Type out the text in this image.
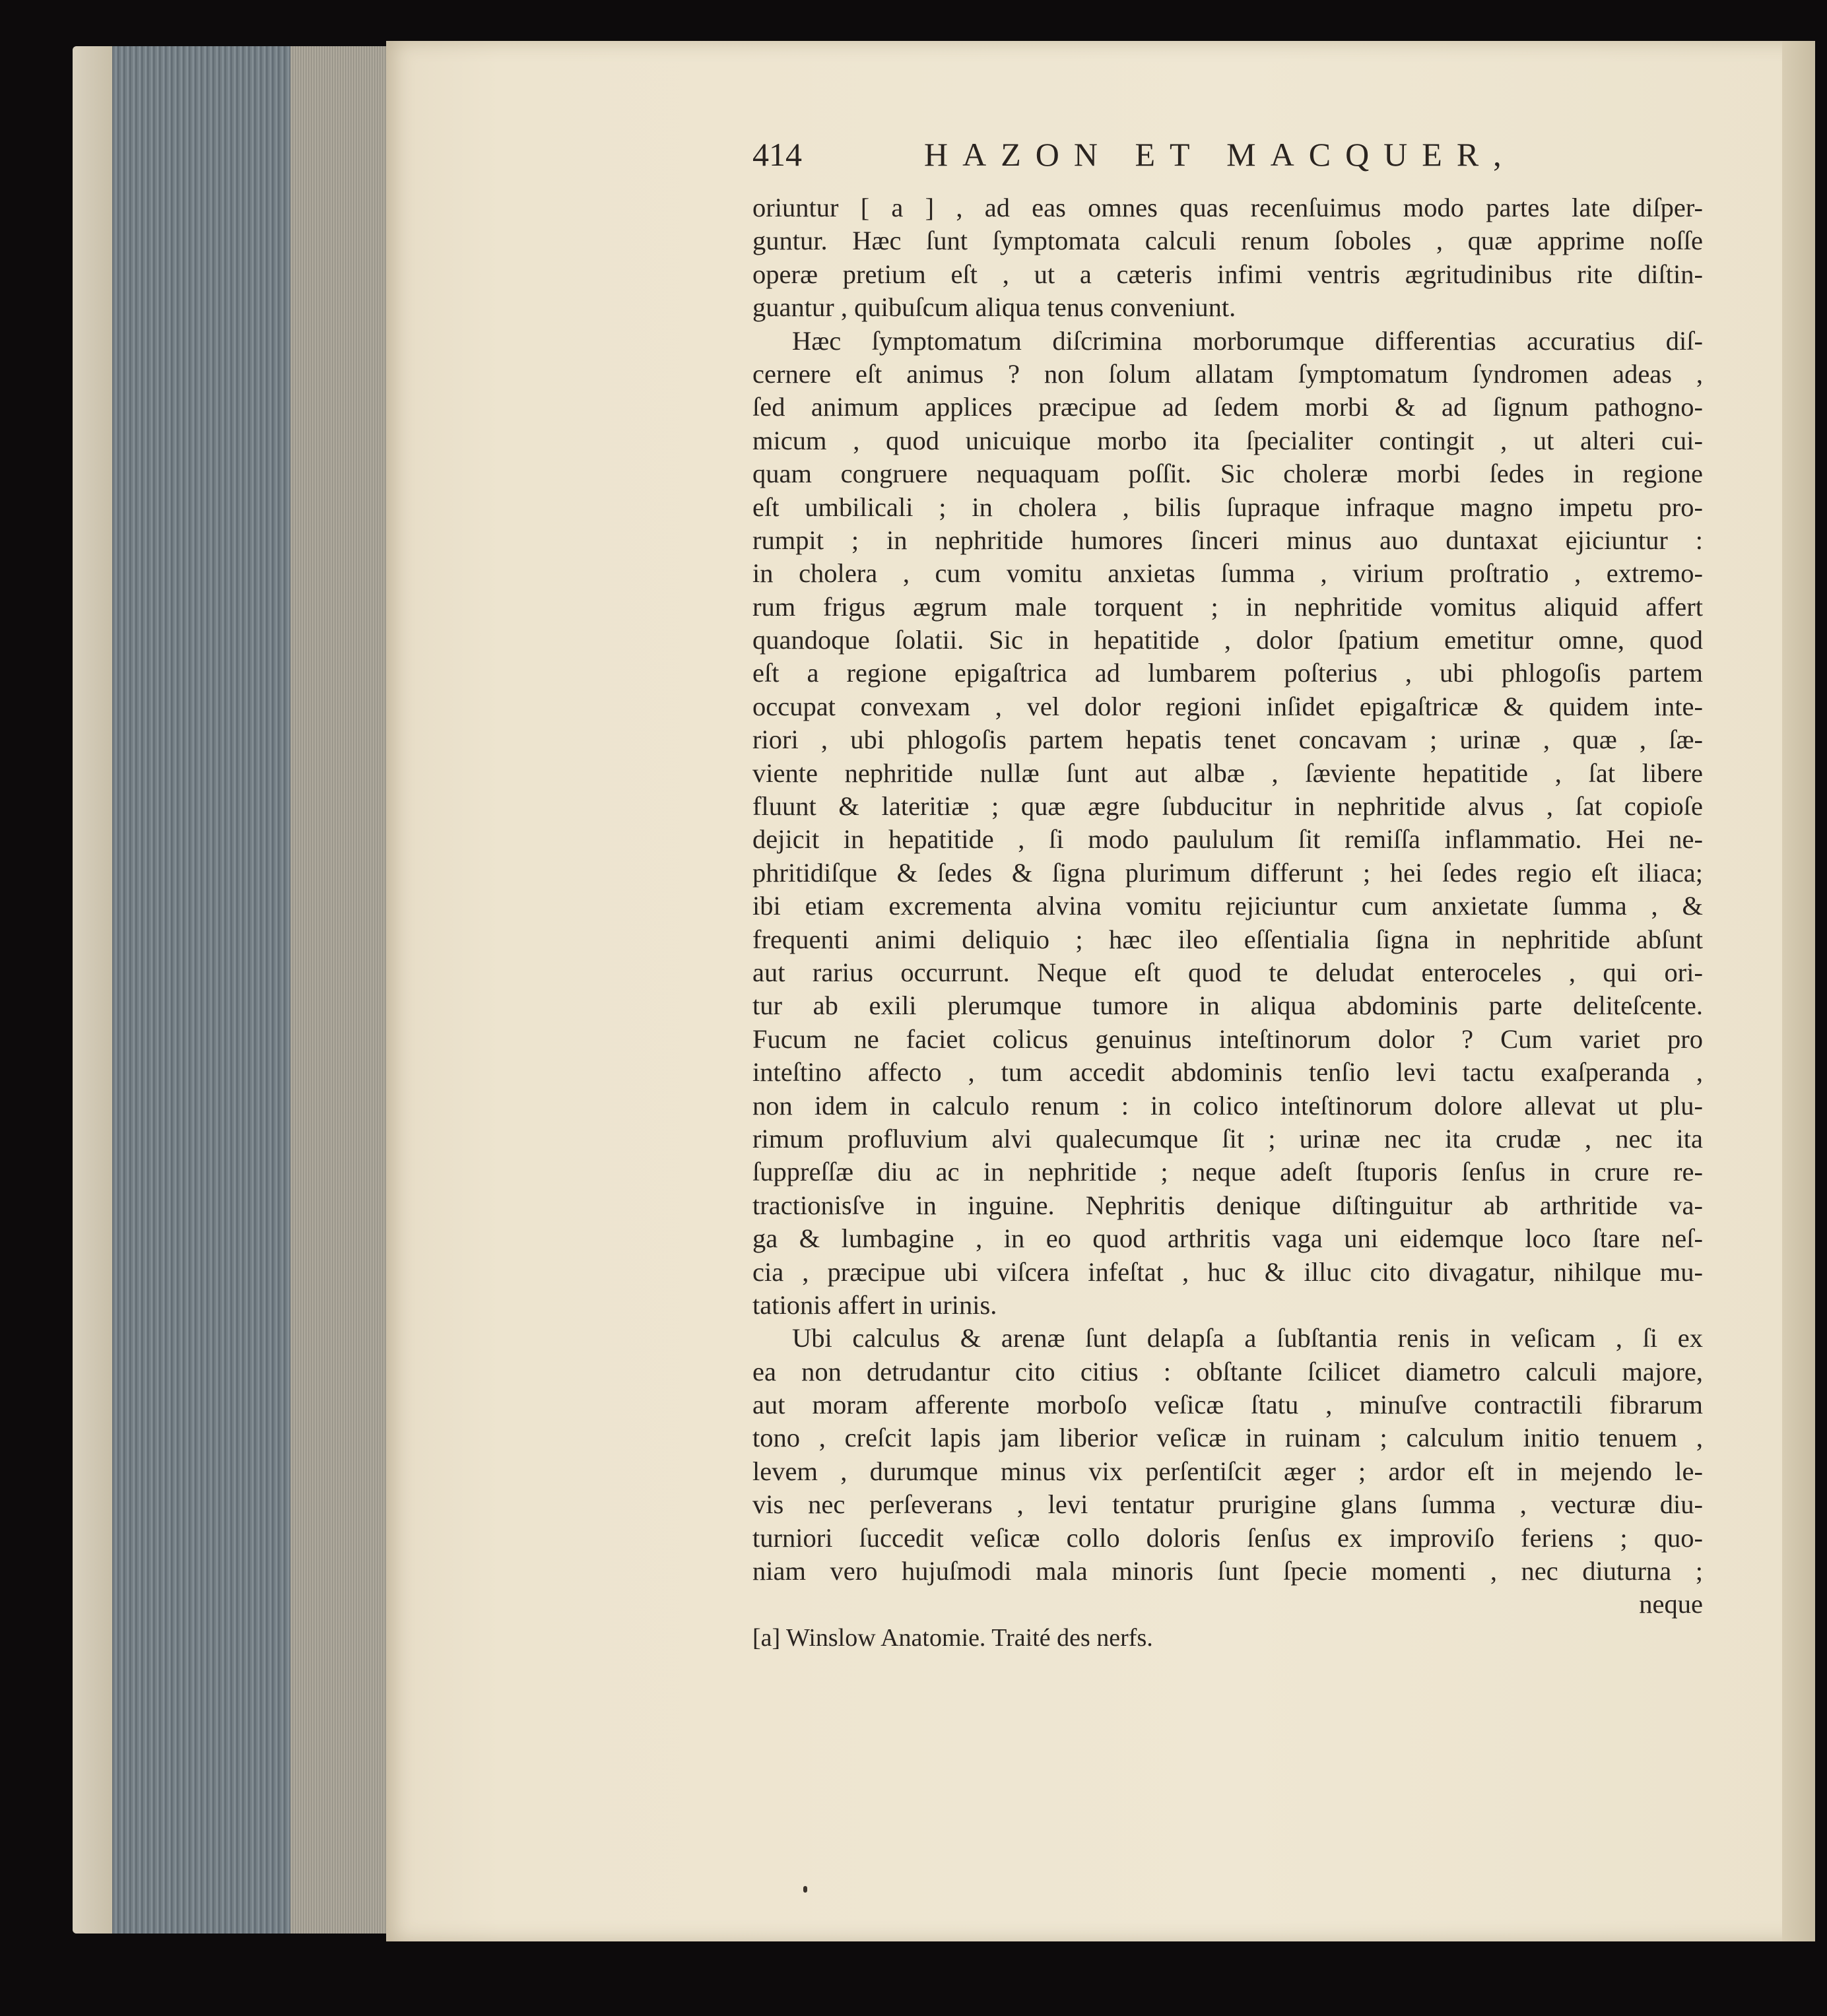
414	HAZON ET MACQUER,
oriuntur [ a ] , ad eas omnes quas recenſuimus modo partes late diſper-
guntur. Hæc ſunt ſymptomata calculi renum ſoboles , quæ apprime noſſe
operæ pretium eſt , ut a cæteris infimi ventris ægritudinibus rite diſtin-
guantur , quibuſcum aliqua tenus conveniunt.
Hæc ſymptomatum diſcrimina morborumque differentias accuratius diſ-
cernere eſt animus ? non ſolum allatam ſymptomatum ſyndromen adeas ,
ſed animum applices præcipue ad ſedem morbi & ad ſignum pathogno-
micum , quod unicuique morbo ita ſpecialiter contingit , ut alteri cui-
quam congruere nequaquam poſſit. Sic choleræ morbi ſedes in regione
eſt umbilicali ; in cholera , bilis ſupraque infraque magno impetu pro-
rumpit ; in nephritide humores ſinceri minus auo duntaxat ejiciuntur :
in cholera , cum vomitu anxietas ſumma , virium proſtratio , extremo-
rum frigus ægrum male torquent ; in nephritide vomitus aliquid affert
quandoque ſolatii. Sic in hepatitide , dolor ſpatium emetitur omne, quod
eſt a regione epigaſtrica ad lumbarem poſterius , ubi phlogoſis partem
occupat convexam , vel dolor regioni inſidet epigaſtricæ & quidem inte-
riori , ubi phlogoſis partem hepatis tenet concavam ; urinæ , quæ , ſæ-
viente nephritide nullæ ſunt aut albæ , ſæviente hepatitide , ſat libere
fluunt & lateritiæ ; quæ ægre ſubducitur in nephritide alvus , ſat copioſe
dejicit in hepatitide , ſi modo paululum ſit remiſſa inflammatio. Hei ne-
phritidiſque & ſedes & ſigna plurimum differunt ; hei ſedes regio eſt iliaca;
ibi etiam excrementa alvina vomitu rejiciuntur cum anxietate ſumma , &
frequenti animi deliquio ; hæc ileo eſſentialia ſigna in nephritide abſunt
aut rarius occurrunt. Neque eſt quod te deludat enteroceles , qui ori-
tur ab exili plerumque tumore in aliqua abdominis parte deliteſcente.
Fucum ne faciet colicus genuinus inteſtinorum dolor ? Cum variet pro
inteſtino affecto , tum accedit abdominis tenſio levi tactu exaſperanda ,
non idem in calculo renum : in colico inteſtinorum dolore allevat ut plu-
rimum profluvium alvi qualecumque ſit ; urinæ nec ita crudæ , nec ita
ſuppreſſæ diu ac in nephritide ; neque adeſt ſtuporis ſenſus in crure re-
tractionisſve in inguine. Nephritis denique diſtinguitur ab arthritide va-
ga & lumbagine , in eo quod arthritis vaga uni eidemque loco ſtare neſ-
cia , præcipue ubi viſcera infeſtat , huc & illuc cito divagatur, nihilque mu-
tationis affert in urinis.
Ubi calculus & arenæ ſunt delapſa a ſubſtantia renis in veſicam , ſi ex
ea non detrudantur cito citius : obſtante ſcilicet diametro calculi majore,
aut moram afferente morboſo veſicæ ſtatu , minuſve contractili fibrarum
tono , creſcit lapis jam liberior veſicæ in ruinam ; calculum initio tenuem ,
levem , durumque minus vix perſentiſcit æger ; ardor eſt in mejendo le-
vis nec perſeverans , levi tentatur prurigine glans ſumma , vecturæ diu-
turniori ſuccedit veſicæ collo doloris ſenſus ex improviſo feriens ; quo-
niam vero hujuſmodi mala minoris ſunt ſpecie momenti , nec diuturna ;
neque
[a] Winslow Anatomie. Traité des nerfs.
